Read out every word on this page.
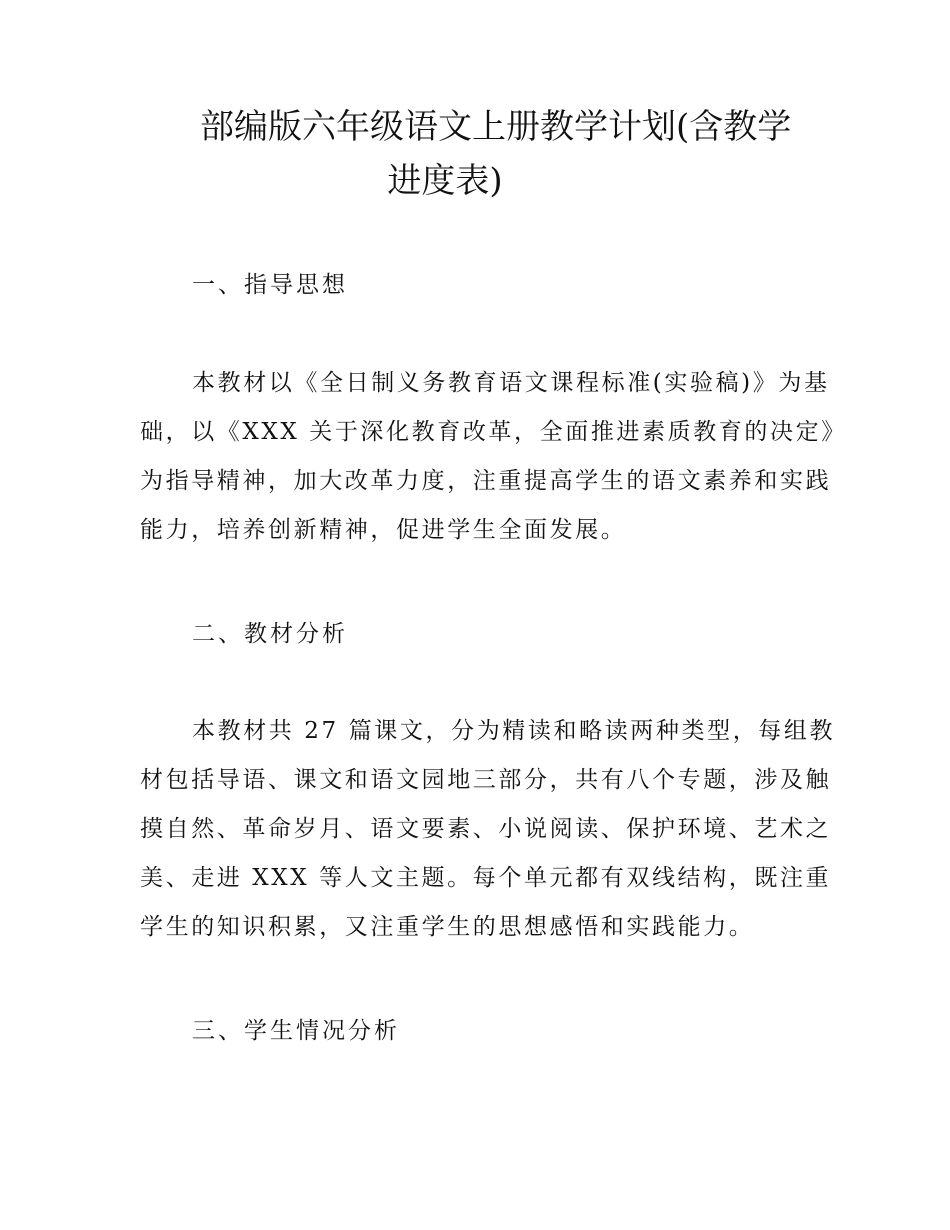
部编版六年级语文上册教学计划(含教学

进度表)
一、指导思想
本教材以《全日制义务教育语文课程标准(实验稿)》为基
础，以《XXX 关于深化教育改革，全面推进素质教育的决定》
为指导精神，加大改革力度，注重提高学生的语文素养和实践
能力，培养创新精神，促进学生全面发展。
二、教材分析
本教材共 27 篇课文，分为精读和略读两种类型，每组教
材包括导语、课文和语文园地三部分，共有八个专题，涉及触
摸自然、革命岁月、语文要素、小说阅读、保护环境、艺术之
美、走进 XXX 等人文主题。每个单元都有双线结构，既注重
学生的知识积累，又注重学生的思想感悟和实践能力。
三、学生情况分析
